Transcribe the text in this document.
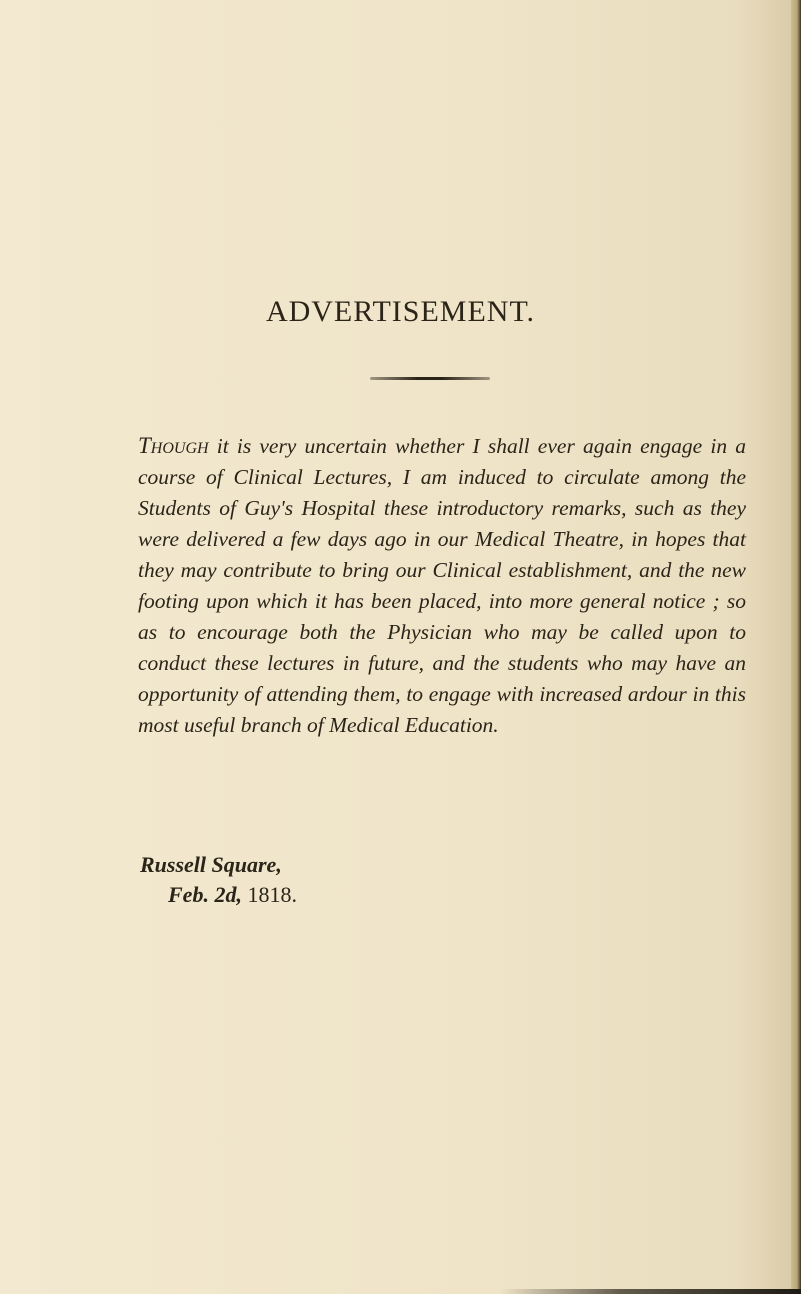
ADVERTISEMENT.

Though it is very uncertain whether I shall ever again engage in a course of Clinical Lectures, I am induced to circulate among the Students of Guy's Hospital these introductory remarks, such as they were delivered a few days ago in our Medical Theatre, in hopes that they may contribute to bring our Clinical establishment, and the new footing upon which it has been placed, into more general notice ; so as to encourage both the Physician who may be called upon to conduct these lectures in future, and the students who may have an opportunity of attending them, to engage with increased ardour in this most useful branch of Medical Education.

Russell Square,
Feb. 2d, 1818.
